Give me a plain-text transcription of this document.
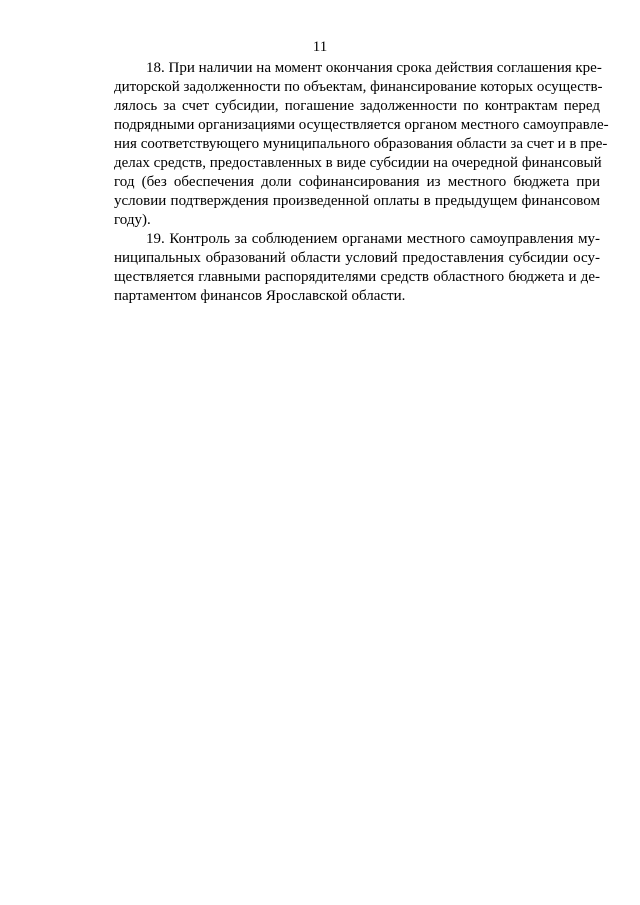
11
18. При наличии на момент окончания срока действия соглашения кре-
диторской задолженности по объектам, финансирование которых осуществ-
лялось за счет субсидии, погашение задолженности по контрактам перед
подрядными организациями осуществляется органом местного самоуправле-
ния соответствующего муниципального образования области за счет и в пре-
делах средств, предоставленных в виде субсидии на очередной финансовый
год (без обеспечения доли софинансирования из местного бюджета при
условии подтверждения произведенной оплаты в предыдущем финансовом
году).
19. Контроль за соблюдением органами местного самоуправления му-
ниципальных образований области условий предоставления субсидии осу-
ществляется главными распорядителями средств областного бюджета и де-
партаментом финансов Ярославской области.
